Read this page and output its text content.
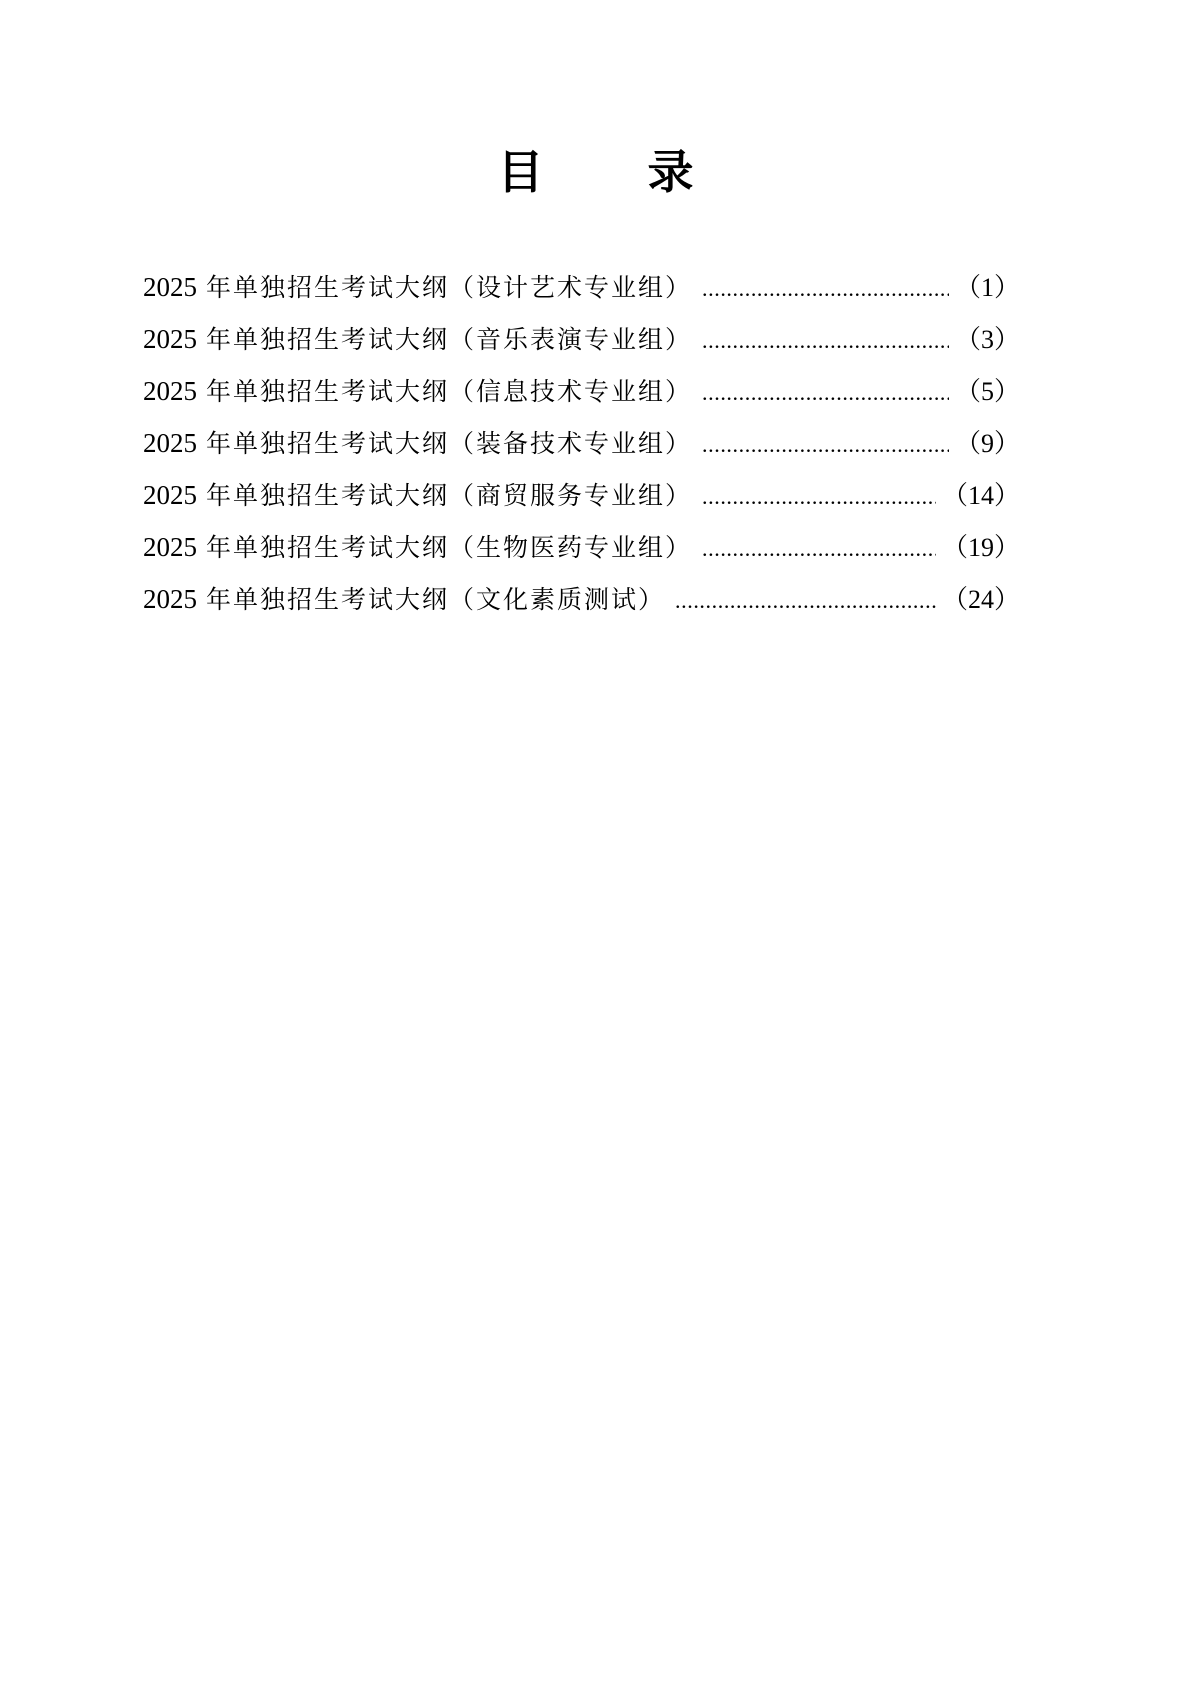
目 录
2025 年单独招生考试大纲（设计艺术专业组） .....	（1）
2025 年单独招生考试大纲（音乐表演专业组） .....	（3）
2025 年单独招生考试大纲（信息技术专业组） .....	（5）
2025 年单独招生考试大纲（装备技术专业组） .....	（9）
2025 年单独招生考试大纲（商贸服务专业组） .....	（14）
2025 年单独招生考试大纲（生物医药专业组） .....	（19）
2025 年单独招生考试大纲（文化素质测试） .....	（24）
